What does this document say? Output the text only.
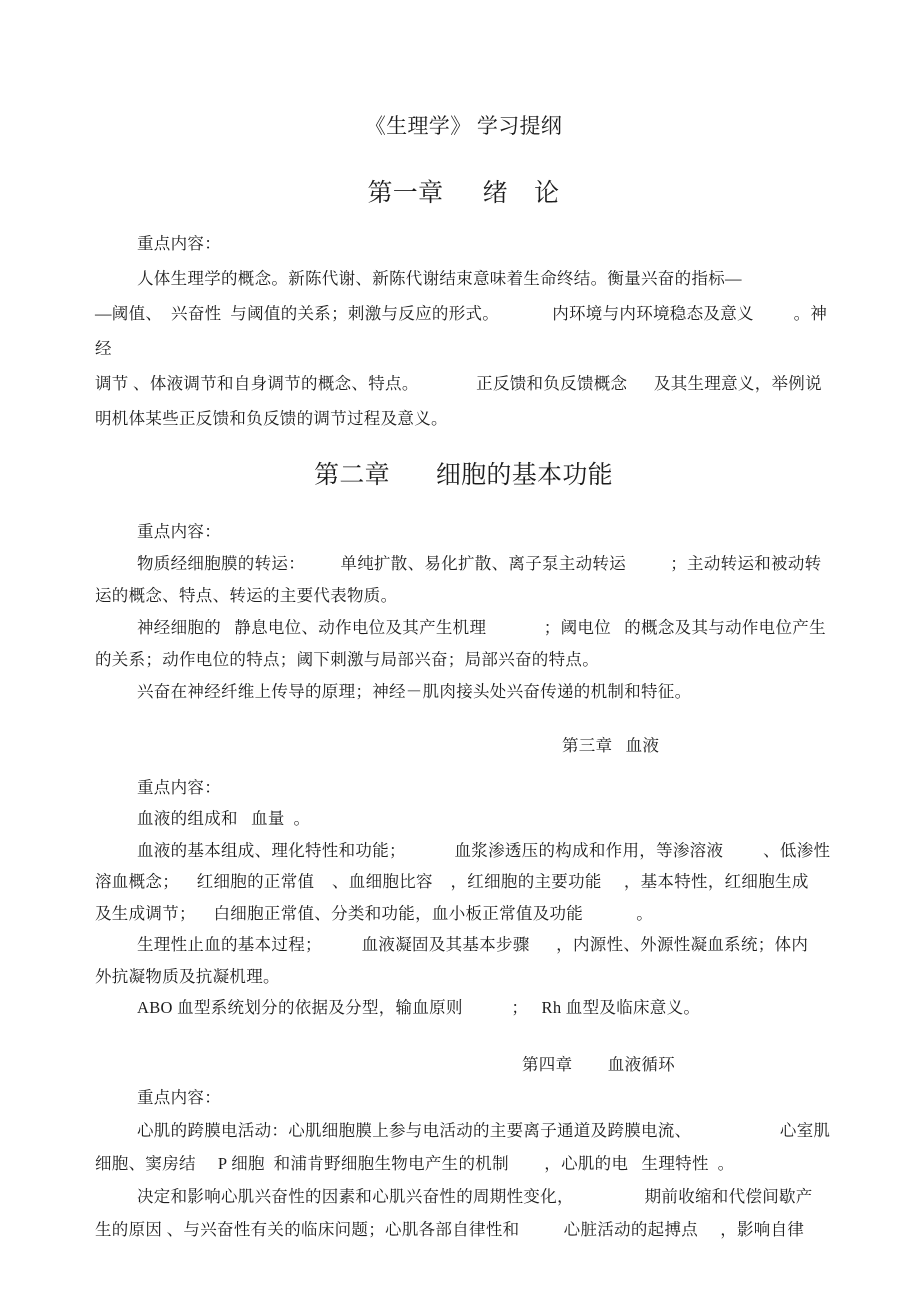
《生理学》 学习提纲
第一章      绪    论
重点内容：
人体生理学的概念。新陈代谢、新陈代谢结束意味着生命终结。衡量兴奋的指标—
—阈值、  兴奋性  与阈值的关系；刺激与反应的形式。            内环境与内环境稳态及意义         。神经
调节 、体液调节和自身调节的概念、特点。             正反馈和负反馈概念      及其生理意义，举例说
明机体某些正反馈和负反馈的调节过程及意义。
第二章       细胞的基本功能
重点内容：
物质经细胞膜的转运：        单纯扩散、易化扩散、离子泵主动转运          ；主动转运和被动转
运的概念、特点、转运的主要代表物质。
神经细胞的   静息电位、动作电位及其产生机理             ；阈电位   的概念及其与动作电位产生
的关系；动作电位的特点；阈下刺激与局部兴奋；局部兴奋的特点。
兴奋在神经纤维上传导的原理；神经－肌肉接头处兴奋传递的机制和特征。
第三章   血液
重点内容：
血液的组成和   血量  。
血液的基本组成、理化特性和功能；           血浆渗透压的构成和作用，等渗溶液         、低渗性
溶血概念；    红细胞的正常值    、血细胞比容    ，红细胞的主要功能     ，基本特性，红细胞生成
及生成调节；    白细胞正常值、分类和功能，血小板正常值及功能            。
生理性止血的基本过程；         血液凝固及其基本步骤      ，内源性、外源性凝血系统；体内
外抗凝物质及抗凝机理。
ABO 血型系统划分的依据及分型，输血原则           ；   Rh 血型及临床意义。
第四章        血液循环
重点内容：
心肌的跨膜电活动：心肌细胞膜上参与电活动的主要离子通道及跨膜电流、                    心室肌
细胞、窦房结     P 细胞  和浦肯野细胞生物电产生的机制        ，心肌的电   生理特性  。
决定和影响心肌兴奋性的因素和心肌兴奋性的周期性变化，                期前收缩和代偿间歇产
生的原因 、与兴奋性有关的临床问题；心肌各部自律性和          心脏活动的起搏点     ，影响自律
